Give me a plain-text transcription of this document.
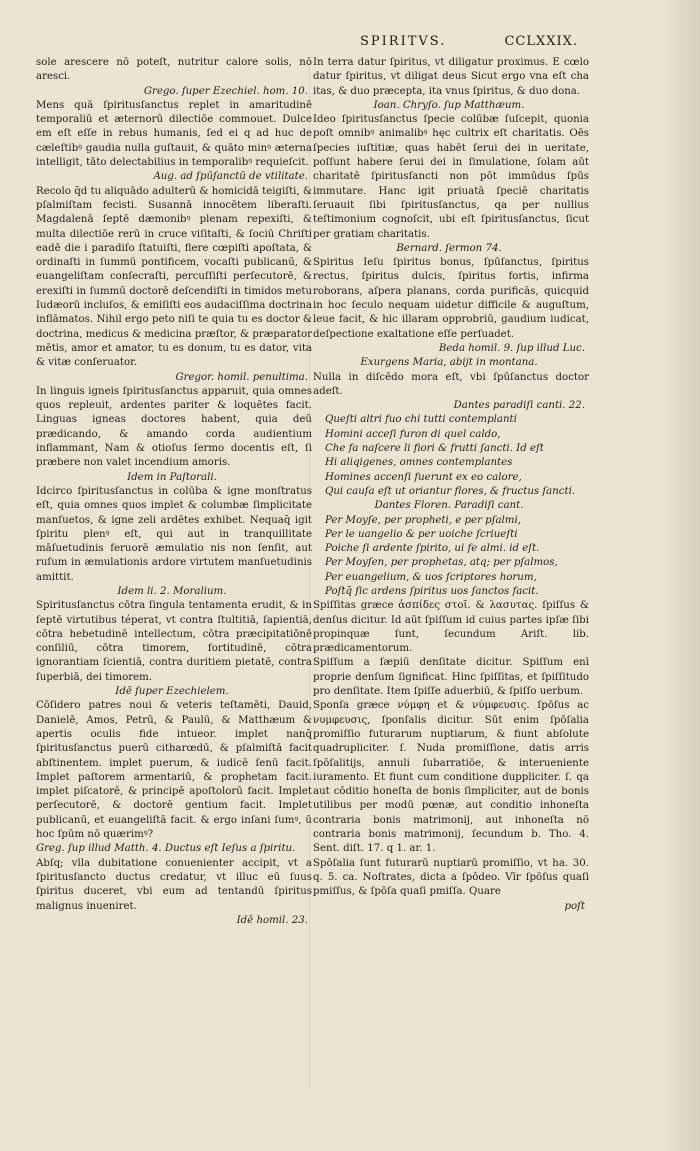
SPIRITVS.	CCLXXIX.

sole arescere nō poteſt, nutritur calore solis, nō aresci.

Grego. ſuper Ezechiel. hom. 10.

Mens quā ſpiritusſanctus replet in amaritudinē temporaliū et æternorū dilectiōe commouet. Dulce em eſt eſſe in rebus humanis, ſed ei q ad huc de cæleſtibꝰ gaudia nulla guſtauit, & quāto minꝰ æterna intelligit, tāto delectabilius in temporalibꝰ requieſcit.

Aug. ad ſpūſanctū de vtilitate.

Recolo q̄d tu aliquādo adulterū & homicidā teigiſti, & pſalmiſtam fecisti. Susannā innocētem liberaſti. Magdalenā ſeptē dæmonibꝰ plenam repexiſti, & multa dilectiōe rerū in cruce viſitaſti, & ſociū Chriſti eadē die i paradiſo ſtatuiſti, flere cœpiſti apoſtata, & ordinaſti in ſummū pontificem, vocaſti publicanū, & euangeliſtam conſecraſti, percuſſiſti perſecutorē, & erexiſti in ſummū doctorē deſcendiſti in timidos metu Iudæorū incluſos, & emiſiſti eos audaciſſima doctrina inflāmatos. Nihil ergo peto niſi te quia tu es doctor & doctrina, medicus & medicina præſtor, & præparator mētis, amor et amator, tu es donum, tu es dator, vita & vitæ conſeruator.

Gregor. homil. penultima.

In linguis igneis ſpiritusſanctus apparuit, quia omnes quos repleuit, ardentes pariter & loquētes facit. Linguas igneas doctores habent, quia deū prædicando, & amando corda audientium inflammant, Nam & otioſus ſermo docentis eſt, ſi præbere non valet incendium amoris.

Idem in Paſtorali.

Idcirco ſpiritusſanctus in colūba & igne monſtratus eſt, quia omnes quos implet & columbæ ſimplicitate manſuetos, & igne zeli ardētes exhibet. Nequaq̄ igit ſpiritu plenꝰ eſt, qui aut in tranquillitate māſuetudinis feruorē æmulatio nis non ſenſit, aut ruſum in æmulationis ardore virtutem manſuetudinis amittit.

Idem li. 2. Moralium.

Spiritusſanctus cōtra ſingula tentamenta erudit, & in ſeptē virtutibus téperat, vt contra ſtultitiā, ſapientiā, cōtra hebetudinē intellectum, cōtra præcipitatiōnē conſiliū, cōtra timorem, fortitudinē, cōtra ignorantiam ſcientiā, contra duritiem pietatē, contra ſuperbiā, dei timorem.

Idē ſuper Ezechielem.

Cōſidero patres noui & veteris teſtamēti, Dauid, Danielē, Amos, Petrū, & Paulū, & Matthæum & apertis oculis fide intueor. implet nanq̄ ſpiritusſanctus puerū citharœdū, & pſalmiſtā facit abſtinentem. implet puerum, & iudicē ſenū facit. Implet paſtorem armentariū, & prophetam facit. implet piſcatorē, & principē apoſtolorū facit. Implet perſecutorē, & doctorē gentium facit. Implet publicanū, et euangeliſtā facit. & ergo inſani ſumꝰ, ū hoc ſpūm nō quærimꝰ?

Greg. ſup illud Matth. 4. Ductus eſt Ieſus a ſpiritu.

Abſq; vlla dubitatione conuenienter accipit, vt a ſpiritusſancto ductus credatur, vt illuc eū ſuus ſpiritus duceret, vbi eum ad tentandū ſpiritus malignus inueniret.

Idē homil. 23.

In terra datur ſpiritus, vt diligatur proximus. E cœlo datur ſpiritus, vt diligat deus Sicut ergo vna eſt cha itas, & duo præcepta, ita vnus ſpiritus, & duo dona.

Ioan. Chryſo. ſup Matthæum.

Ideo ſpiritusſanctus ſpecie colūbæ ſuſcepit, quonia poſt omnibꝰ animalibꝰ hęc cultrix eſt charitatis. Oēs ſpecies iuſtitiæ, quas habēt ſerui dei in ueritate, poſſunt habere ſerui dei in ſimulatione, ſolam aūt charitatē ſpiritusſancti non pōt immūdus ſpūs immutare. Hanc igit priuatā ſpeciē charitatis ſeruauit ſibi ſpiritusſanctus, qa per nullius teſtimonium cognoſcit, ubi eſt ſpiritusſanctus, ſicut per gratiam charitatis.

Bernard. ſermon 74.

Spiritus Ieſu ſpiritus bonus, ſpūſanctus, ſpiritus rectus, ſpiritus dulcis, ſpiritus fortis, infirma roborans, aſpera planans, corda purificās, quicquid in hoc ſeculo nequam uidetur difficile & auguſtum, leue facit, & hic illaram opprobriū, gaudium iudicat, deſpectione exaltatione eſſe perſuadet.

Beda homil. 9. ſup illud Luc.

Exurgens Maria, abijt in montana.

Nulla in diſcēdo mora eſt, vbi ſpūſanctus doctor adeſt.

Dantes paradiſi canti. 22.

Queſti altri fuo chi tutti contemplanti

Homini acceſi furon di quel caldo,

Che fa naſcere li fiori & frutti ſancti. Id eſt

Hi aliqigenes, omnes contemplantes

Homines accenſi fuerunt ex eo calore,

Qui cauſa eſt ut oriantur flores, & fructus ſancti.

Dantes Floren. Paradiſi cant.

Per Moyſe, per propheti, e per pſalmi,

Per le uangelio & per uoiche ſcriueſti

Poiche ſi ardente ſpirito, ui fe almi. id eſt.

Per Moyſen, per prophetas, atq; per pſalmos,

Per euangelium, & uos ſcriptores horum,

Poſtq̄ ſic ardens ſpiritus uos ſanctos facit.

Spiſſitas græce ἀσπίδες στοῖ. & λασυτας. ſpiſſus & denſus dicitur. Id aūt ſpiſſum id cuius partes ipſæ ſibi propinquæ ſunt, ſecundum Ariſt. lib. prædicamentorum.

Spiſſum a ſæpiū denſitate dicitur. Spiſſum enī proprie denſum ſignificat. Hinc ſpiſſitas, et ſpiſſitudo pro denſitate. Item ſpiſſe aduerbiū, & ſpiſſo uerbum.

Sponſa græce νύμφη et & νύμφευσις. ſpōſus ac νυμφευσις, ſponſalis dicitur. Sūt enim ſpōſalia promiſſio futurarum nuptiarum, & fiunt abſolute quadrupliciter. ſ. Nuda promiſſione, datis arris ſpōſalitijs, annuli ſubarratiōe, & interueniente iuramento. Et fiunt cum conditione duppliciter. ſ. qa aut cōditio honeſta de bonis ſimpliciter, aut de bonis utilibus per modū pœnæ, aut conditio inhoneſta contraria bonis matrimonij, aut inhoneſta nō contraria bonis matrimonij, ſecundum b. Tho. 4. Sent. diſt. 17. q 1. ar. 1.

Spōſalia ſunt futurarū nuptiarū promiſſio, vt ha. 30. q. 5. ca. Noſtrates, dicta a ſpōdeo. Vīr ſpōſus quaſi pmiſſus, & ſpōſa quaſi pmiſſa. Quare

poſt
